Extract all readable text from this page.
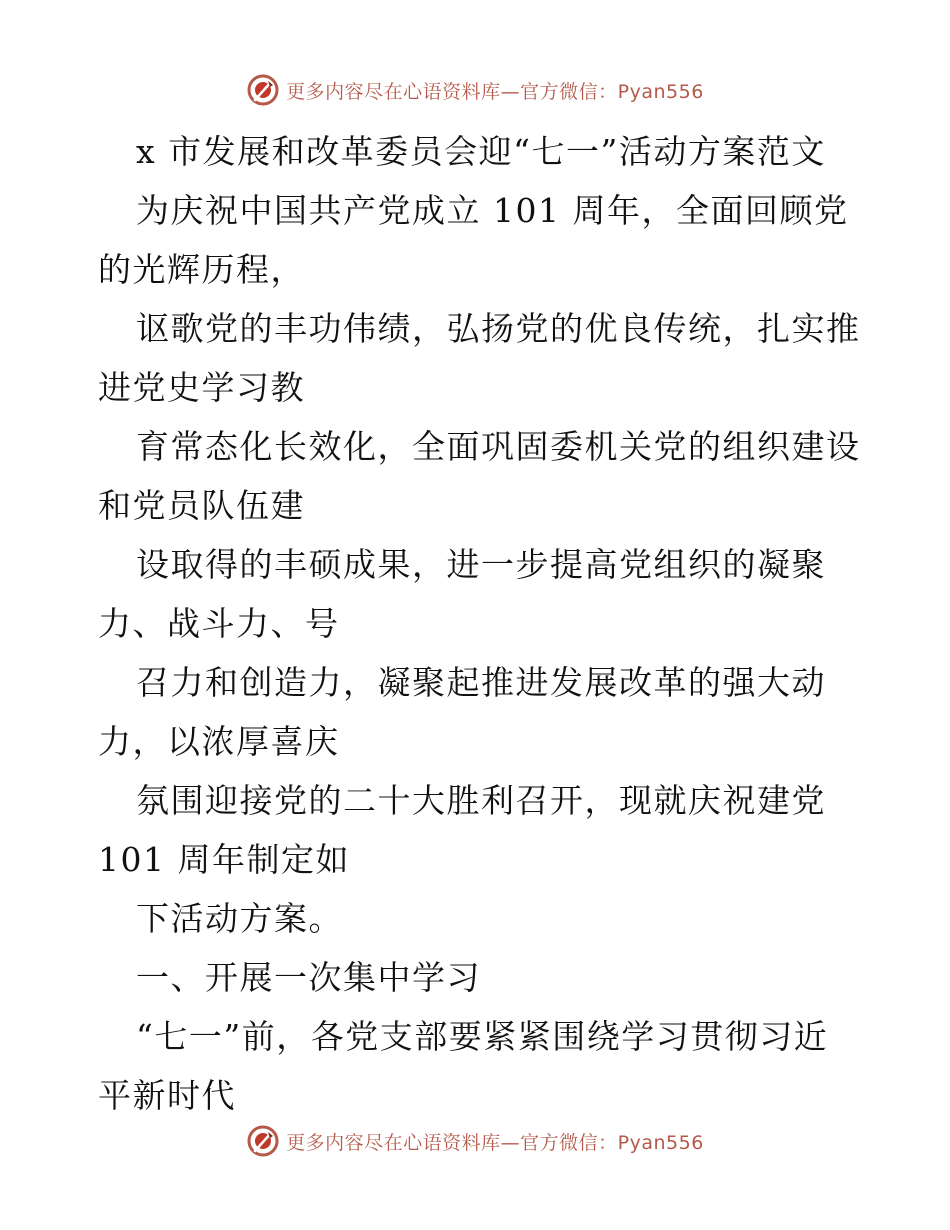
更多内容尽在心语资料库—官方微信：Pyan556
x 市发展和改革委员会迎“七一”活动方案范文
为庆祝中国共产党成立 101 周年，全面回顾党
的光辉历程，
讴歌党的丰功伟绩，弘扬党的优良传统，扎实推
进党史学习教
育常态化长效化，全面巩固委机关党的组织建设
和党员队伍建
设取得的丰硕成果，进一步提高党组织的凝聚
力、战斗力、号
召力和创造力，凝聚起推进发展改革的强大动
力，以浓厚喜庆
氛围迎接党的二十大胜利召开，现就庆祝建党
101 周年制定如
下活动方案。
一、开展一次集中学习
“七一”前，各党支部要紧紧围绕学习贯彻习近
平新时代
更多内容尽在心语资料库—官方微信：Pyan556
